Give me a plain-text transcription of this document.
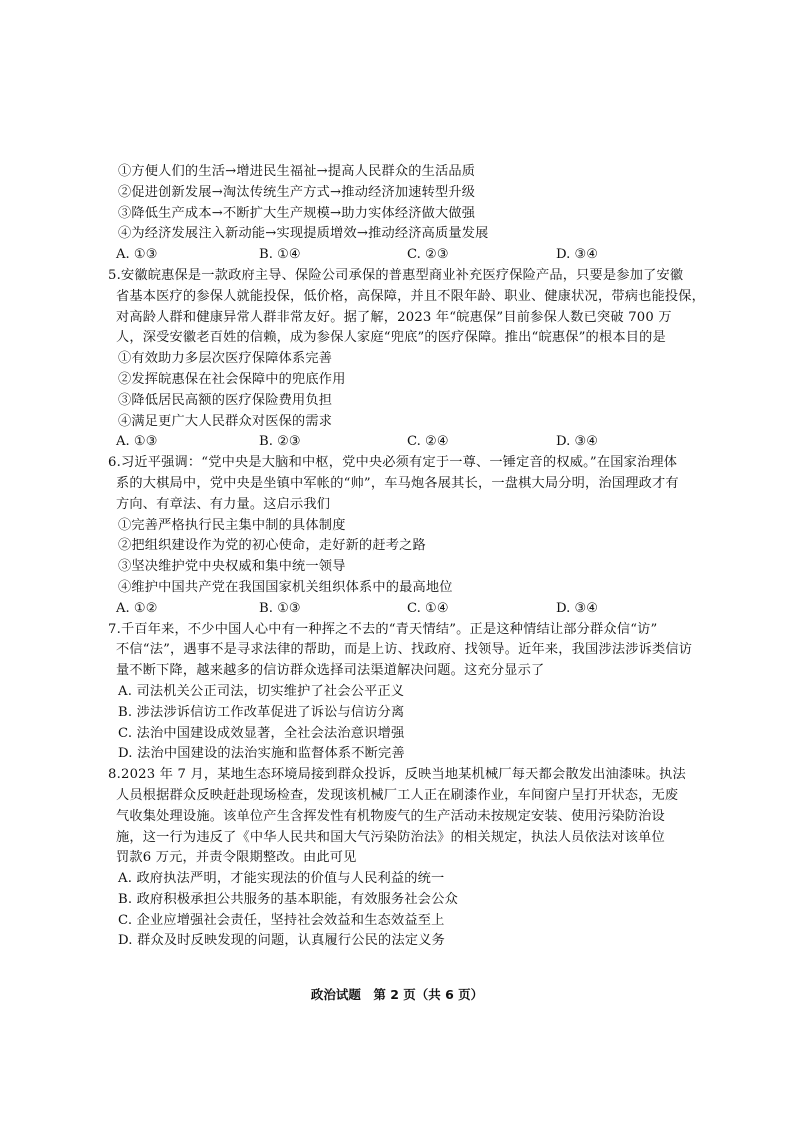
①方便人们的生活→增进民生福祉→提高人民群众的生活品质
②促进创新发展→淘汰传统生产方式→推动经济加速转型升级
③降低生产成本→不断扩大生产规模→助力实体经济做大做强
④为经济发展注入新动能→实现提质增效→推动经济高质量发展
A. ①③	B. ①④	C. ②③	D. ③④
5.安徽皖惠保是一款政府主导、保险公司承保的普惠型商业补充医疗保险产品，只要是参加了安徽
省基本医疗的参保人就能投保，低价格，高保障，并且不限年龄、职业、健康状况，带病也能投保，
对高龄人群和健康异常人群非常友好。据了解，2023 年“皖惠保”目前参保人数已突破 700 万
人，深受安徽老百姓的信赖，成为参保人家庭“兜底”的医疗保障。推出“皖惠保”的根本目的是
①有效助力多层次医疗保障体系完善
②发挥皖惠保在社会保障中的兜底作用
③降低居民高额的医疗保险费用负担
④满足更广大人民群众对医保的需求
A. ①③	B. ②③	C. ②④	D. ③④
6.习近平强调：“党中央是大脑和中枢，党中央必须有定于一尊、一锤定音的权威。”在国家治理体
系的大棋局中，党中央是坐镇中军帐的“帅”，车马炮各展其长，一盘棋大局分明，治国理政才有
方向、有章法、有力量。这启示我们
①完善严格执行民主集中制的具体制度
②把组织建设作为党的初心使命，走好新的赶考之路
③坚决维护党中央权威和集中统一领导
④维护中国共产党在我国国家机关组织体系中的最高地位
A. ①②	B. ①③	C. ①④	D. ③④
7.千百年来，不少中国人心中有一种挥之不去的“青天情结”。正是这种情结让部分群众信“访”
不信“法”，遇事不是寻求法律的帮助，而是上访、找政府、找领导。近年来，我国涉法涉诉类信访
量不断下降，越来越多的信访群众选择司法渠道解决问题。这充分显示了
A. 司法机关公正司法，切实维护了社会公平正义
B. 涉法涉诉信访工作改革促进了诉讼与信访分离
C. 法治中国建设成效显著，全社会法治意识增强
D. 法治中国建设的法治实施和监督体系不断完善
8.2023 年 7 月，某地生态环境局接到群众投诉，反映当地某机械厂每天都会散发出油漆味。执法
人员根据群众反映赶赴现场检查，发现该机械厂工人正在刷漆作业，车间窗户呈打开状态，无废
气收集处理设施。该单位产生含挥发性有机物废气的生产活动未按规定安装、使用污染防治设
施，这一行为违反了《中华人民共和国大气污染防治法》的相关规定，执法人员依法对该单位
罚款6 万元，并责令限期整改。由此可见
A. 政府执法严明，才能实现法的价值与人民利益的统一
B. 政府积极承担公共服务的基本职能，有效服务社会公众
C. 企业应增强社会责任，坚持社会效益和生态效益至上
D. 群众及时反映发现的问题，认真履行公民的法定义务
政治试题　第 2 页（共 6 页）
